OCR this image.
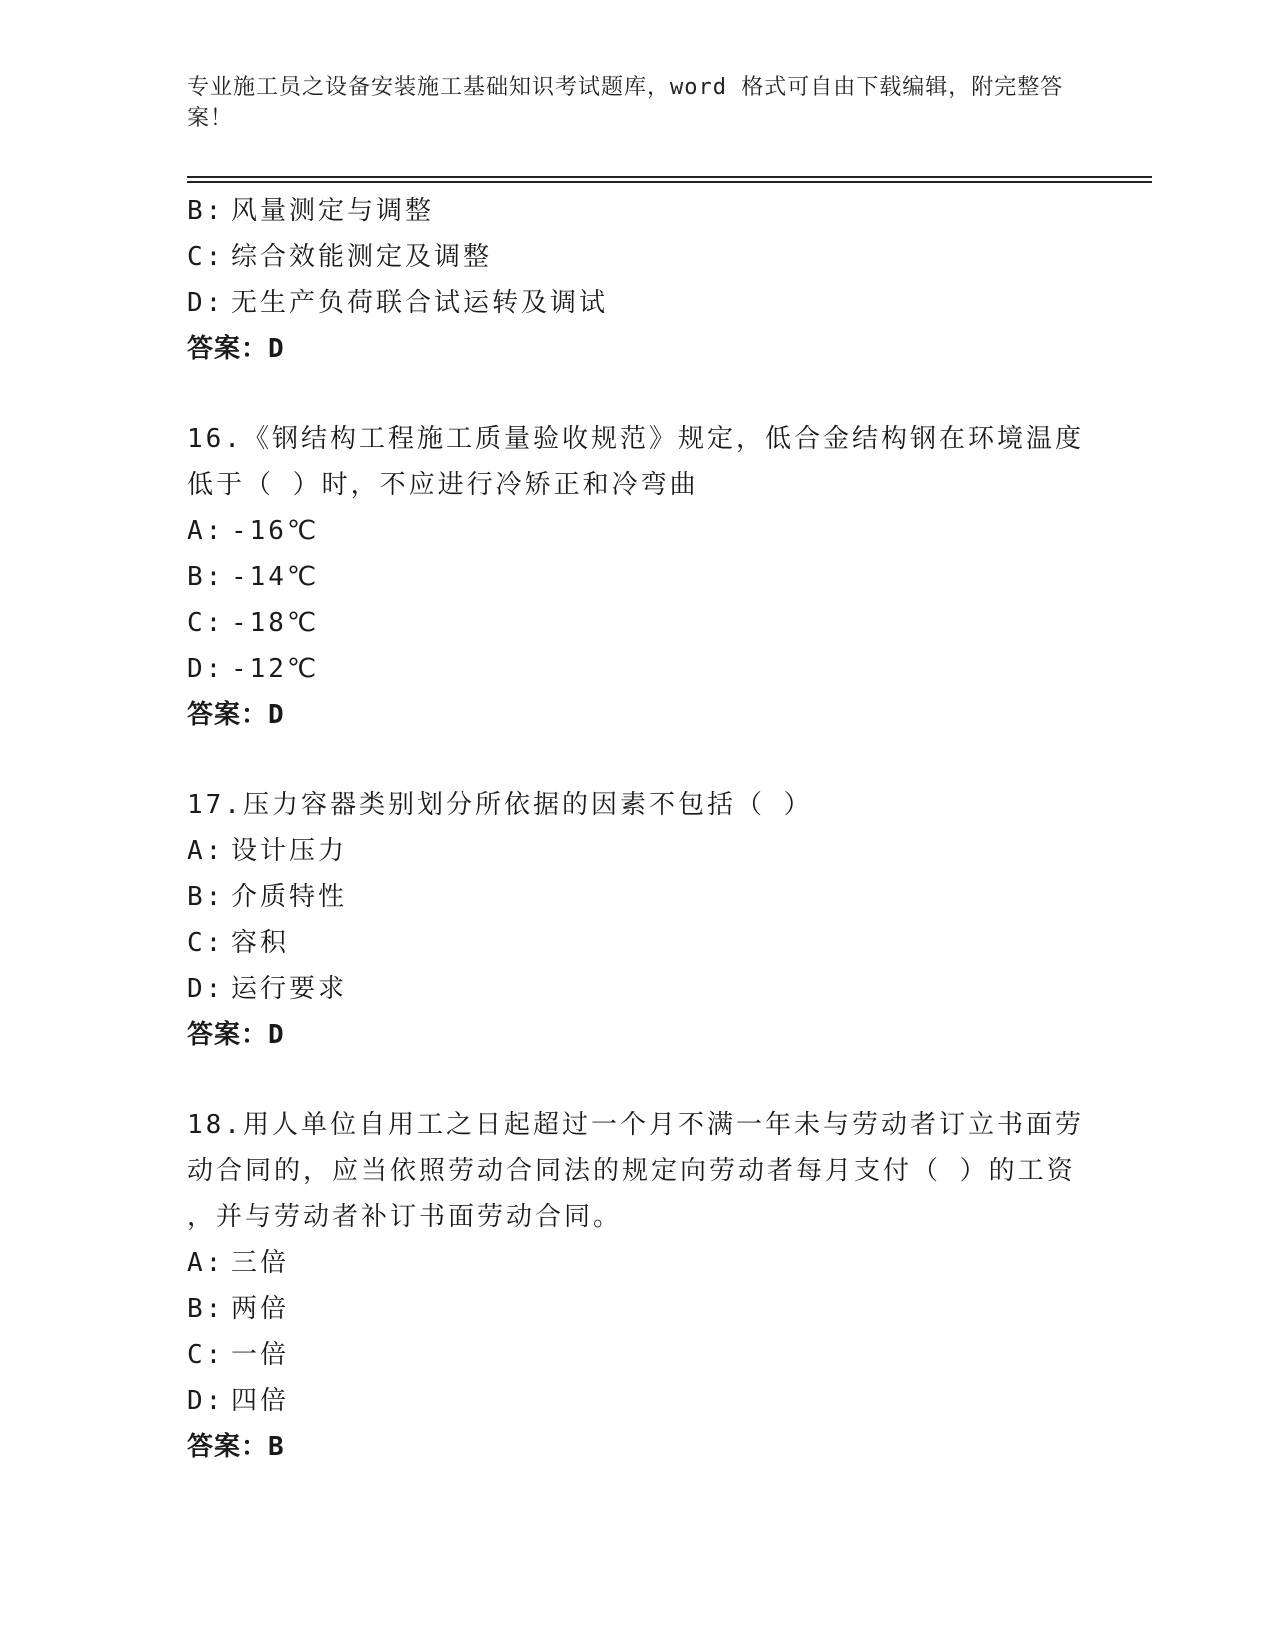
专业施工员之设备安装施工基础知识考试题库，word 格式可自由下载编辑，附完整答案！
B: 风量测定与调整
C: 综合效能测定及调整
D: 无生产负荷联合试运转及调试
答案：D
16.《钢结构工程施工质量验收规范》规定，低合金结构钢在环境温度
低于（ ）时，不应进行冷矫正和冷弯曲
A: -16℃
B: -14℃
C: -18℃
D: -12℃
答案：D
17.压力容器类别划分所依据的因素不包括（ ）
A: 设计压力
B: 介质特性
C: 容积
D: 运行要求
答案：D
18.用人单位自用工之日起超过一个月不满一年未与劳动者订立书面劳
动合同的，应当依照劳动合同法的规定向劳动者每月支付（ ）的工资
，并与劳动者补订书面劳动合同。
A: 三倍
B: 两倍
C: 一倍
D: 四倍
答案：B
